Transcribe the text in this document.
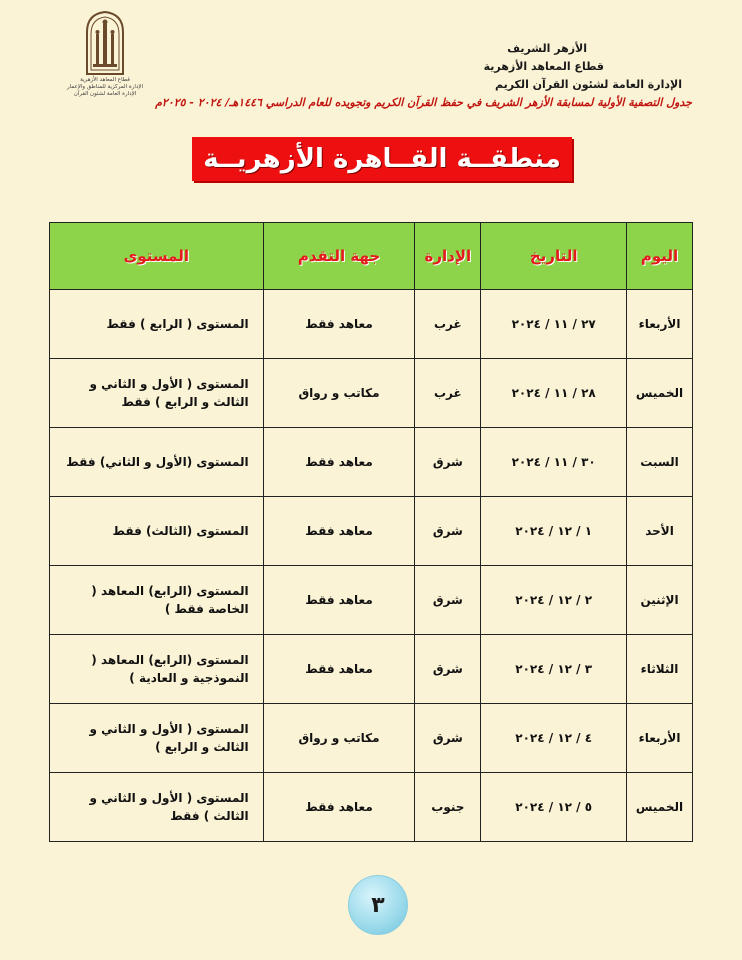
قطاع المعاهد الأزهرية
الإدارة المركزية للمناطق والإعمار
الإدارة العامة لشئون القرآن
الأزهر الشريف
قطاع المعاهد الأزهرية
الإدارة العامة لشئون القرآن الكريم
جدول التصفية الأولية لمسابقة الأزهر الشريف في حفظ القرآن الكريم وتجويده للعام الدراسي ١٤٤٦هـ/ ٢٠٢٤ - ٢٠٢٥م
منطقــة القــاهرة الأزهريــة
اليوم	التاريخ	الإدارة	جهة التقدم	المستوى
الأربعاء	٢٧ / ١١ / ٢٠٢٤	غرب	معاهد فقط	المستوى ( الرابع ) فقط
الخميس	٢٨ / ١١ / ٢٠٢٤	غرب	مكاتب و رواق	المستوى ( الأول و الثاني و الثالث و الرابع ) فقط
السبت	٣٠ / ١١ / ٢٠٢٤	شرق	معاهد فقط	المستوى (الأول و الثاني) فقط
الأحد	١ / ١٢ / ٢٠٢٤	شرق	معاهد فقط	المستوى (الثالث) فقط
الإثنين	٢ / ١٢ / ٢٠٢٤	شرق	معاهد فقط	المستوى (الرابع) المعاهد ( الخاصة فقط )
الثلاثاء	٣ / ١٢ / ٢٠٢٤	شرق	معاهد فقط	المستوى (الرابع) المعاهد ( النموذجية و العادية )
الأربعاء	٤ / ١٢ / ٢٠٢٤	شرق	مكاتب و رواق	المستوى ( الأول و الثاني و الثالث و الرابع )
الخميس	٥ / ١٢ / ٢٠٢٤	جنوب	معاهد فقط	المستوى ( الأول و الثاني و الثالث ) فقط
٣
